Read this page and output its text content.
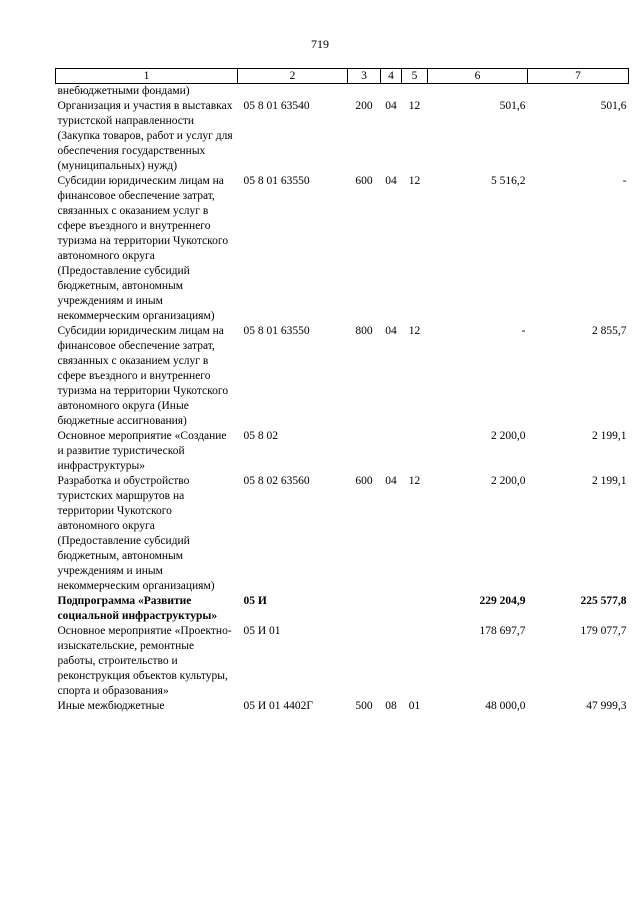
719
1	2	3	4	5	6	7
внебюджетными фондами)						
Организация и участия в выставках туристской направленности (Закупка товаров, работ и услуг для обеспечения государственных (муниципальных) нужд)	05 8 01 63540	200	04	12	501,6	501,6
Субсидии юридическим лицам на финансовое обеспечение затрат, связанных с оказанием услуг в сфере въездного и внутреннего туризма на территории Чукотского автономного округа (Предоставление субсидий бюджетным, автономным учреждениям и иным некоммерческим организациям)	05 8 01 63550	600	04	12	5 516,2	-
Субсидии юридическим лицам на финансовое обеспечение затрат, связанных с оказанием услуг в сфере въездного и внутреннего туризма на территории Чукотского автономного округа (Иные бюджетные ассигнования)	05 8 01 63550	800	04	12	-	2 855,7
Основное мероприятие «Создание и развитие туристической инфраструктуры»	05 8 02				2 200,0	2 199,1
Разработка и обустройство туристских маршрутов на территории Чукотского автономного округа (Предоставление субсидий бюджетным, автономным учреждениям и иным некоммерческим организациям)	05 8 02 63560	600	04	12	2 200,0	2 199,1
Подпрограмма «Развитие социальной инфраструктуры»	05 И				229 204,9	225 577,8
Основное мероприятие «Проектно-изыскательские, ремонтные работы, строительство и реконструкция объектов культуры, спорта и образования»	05 И 01				178 697,7	179 077,7
Иные межбюджетные	05 И 01 4402Г	500	08	01	48 000,0	47 999,3
